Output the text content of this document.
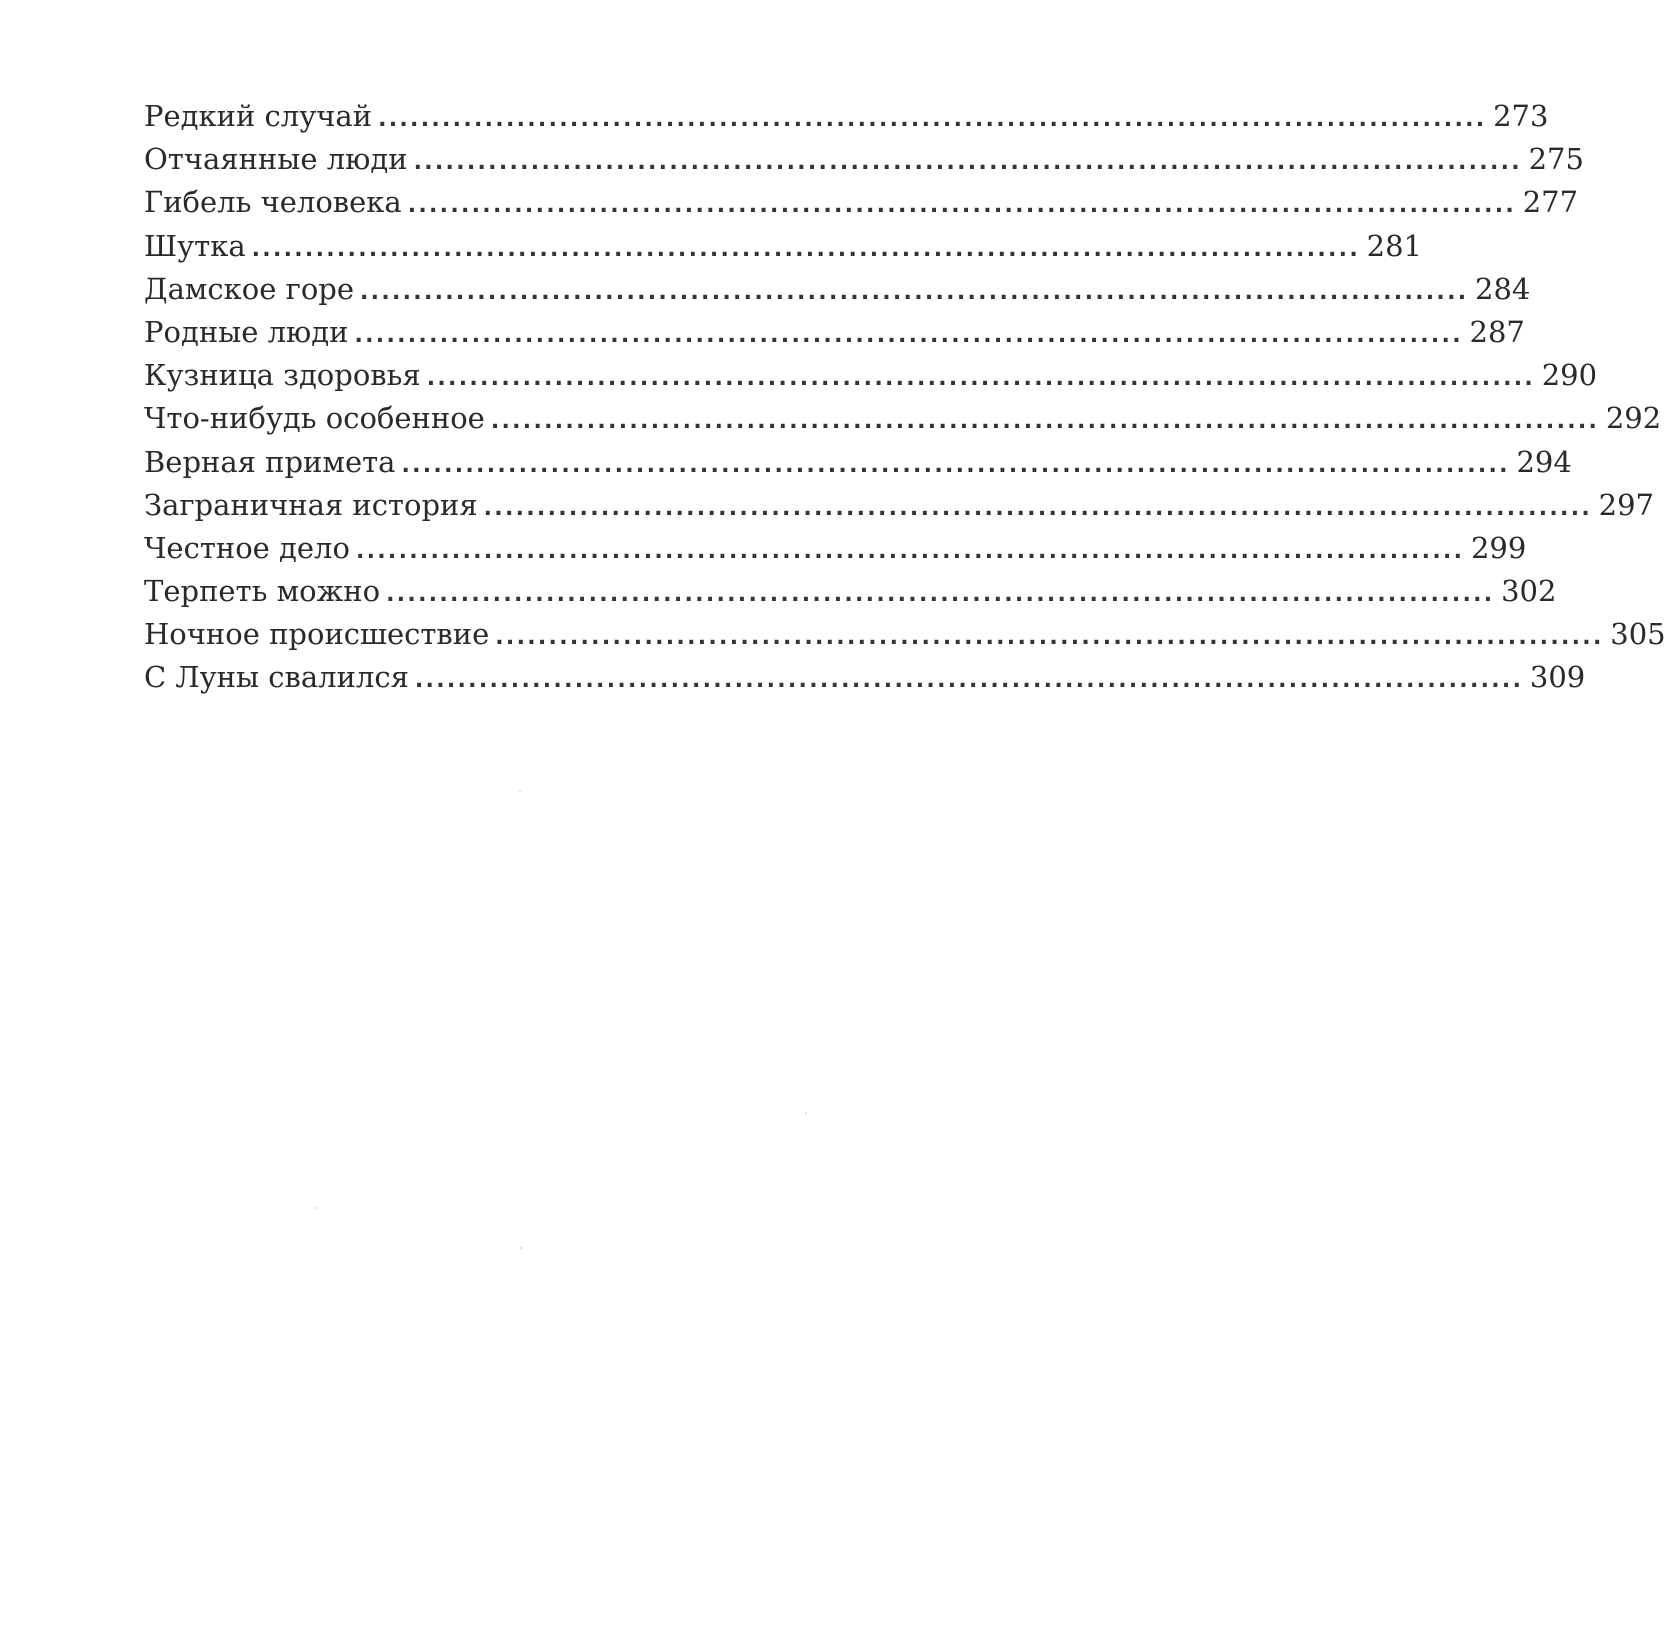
Редкий случай ........................................................................................................ 273
Отчаянные люди ........................................................................................................ 275
Гибель человека ........................................................................................................ 277
Шутка ........................................................................................................ 281
Дамское горе ........................................................................................................ 284
Родные люди ........................................................................................................ 287
Кузница здоровья ........................................................................................................ 290
Что-нибудь особенное ........................................................................................................ 292
Верная примета ........................................................................................................ 294
Заграничная история ........................................................................................................ 297
Честное дело ........................................................................................................ 299
Терпеть можно ........................................................................................................ 302
Ночное происшествие ........................................................................................................ 305
С Луны свалился ........................................................................................................ 309
